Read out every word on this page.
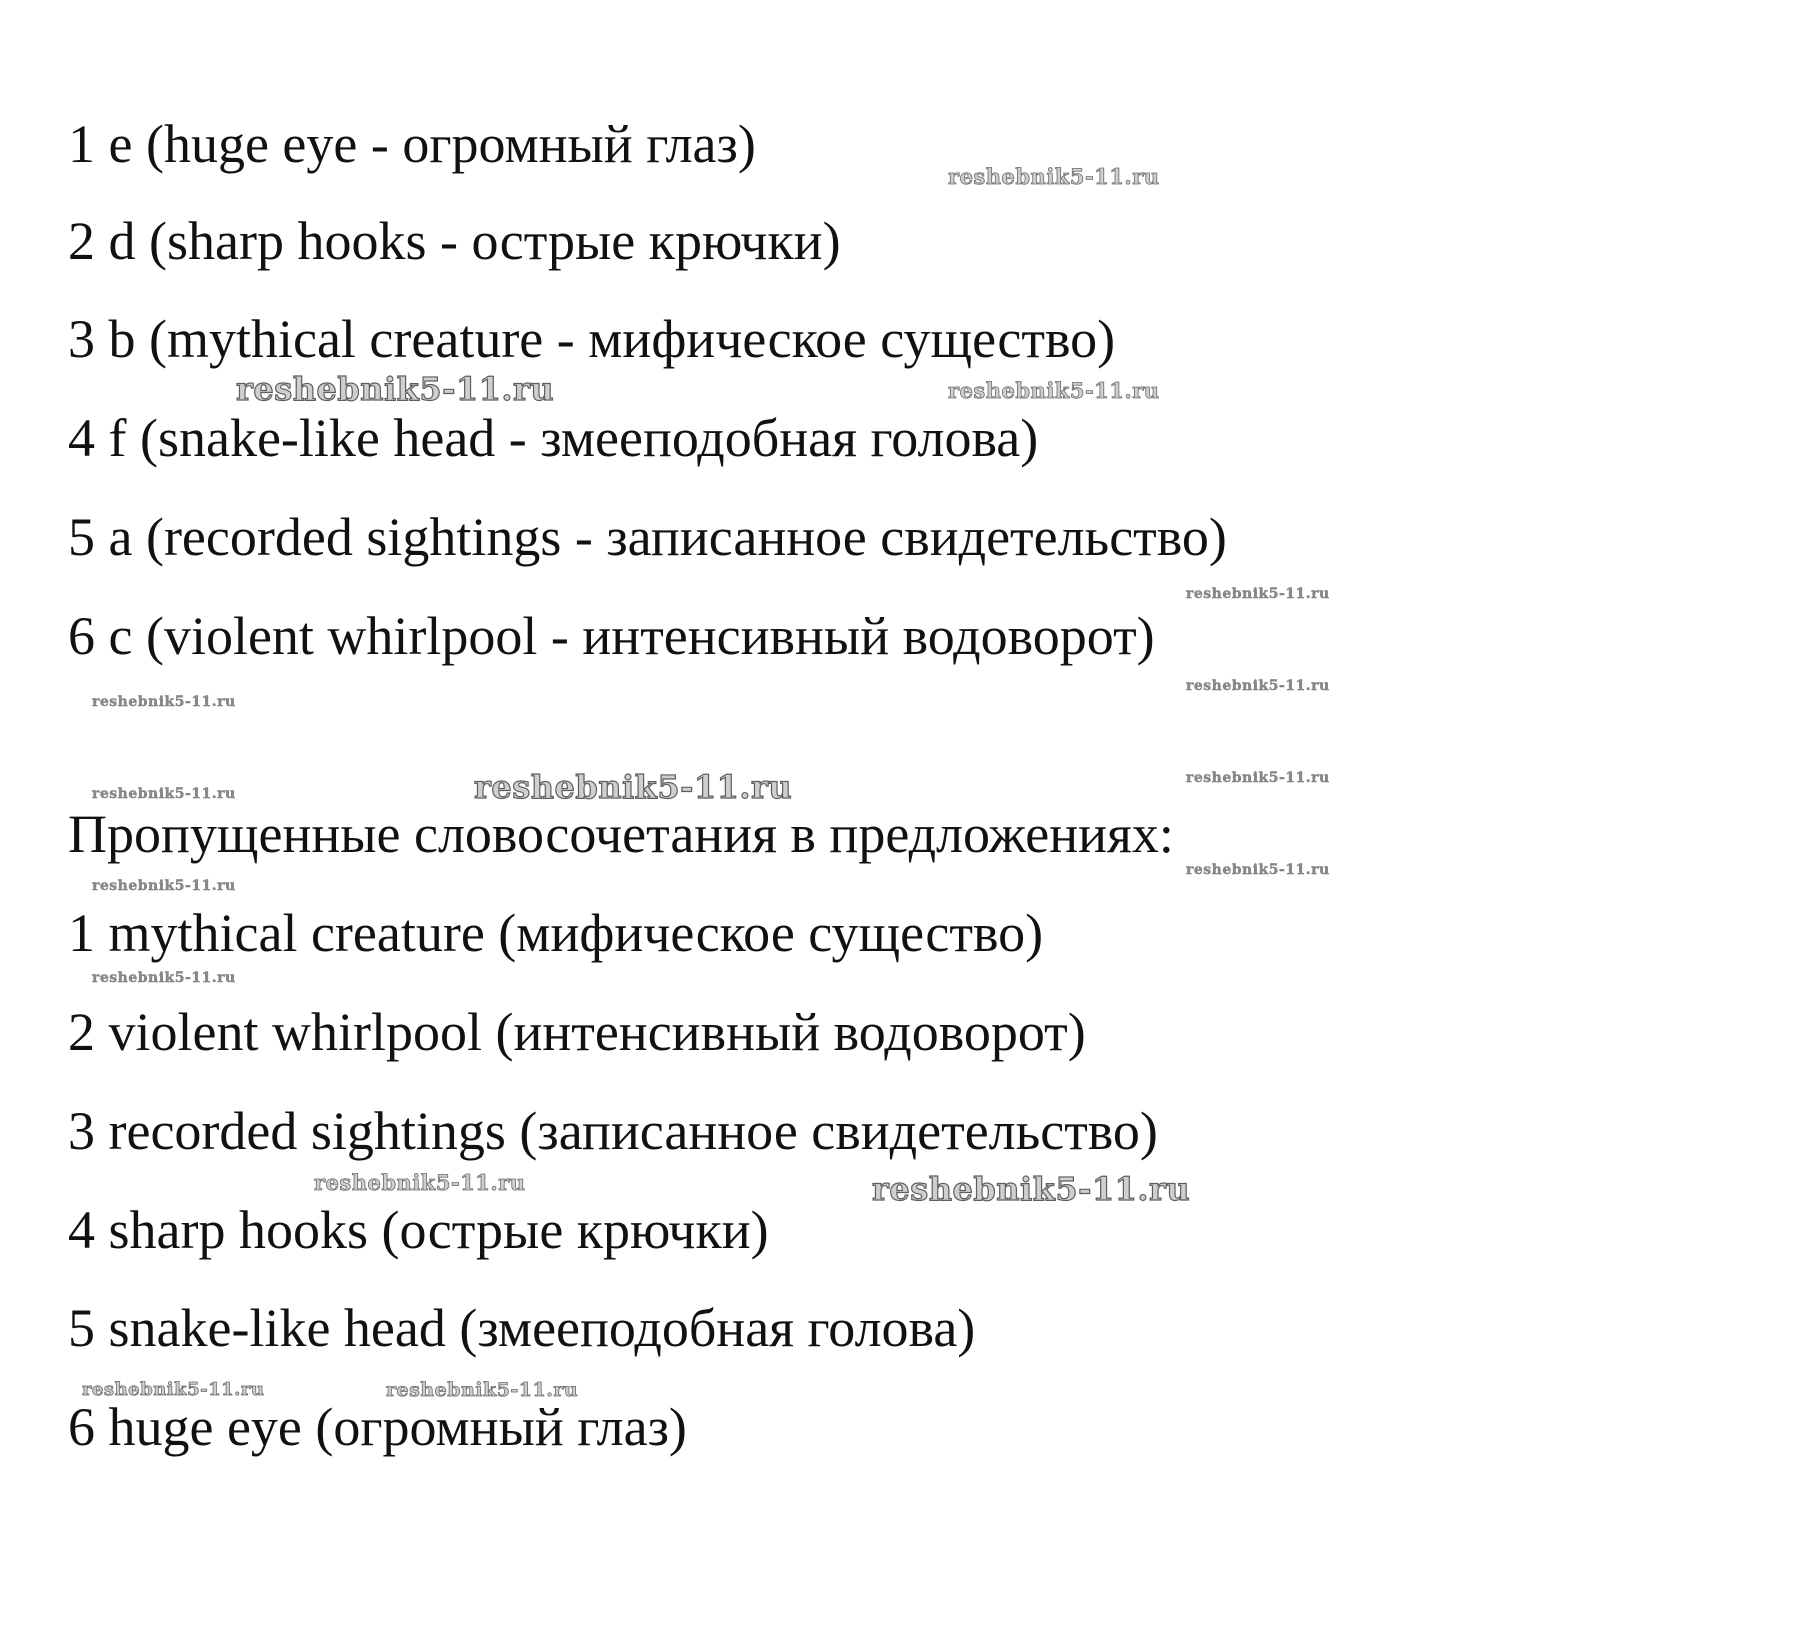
1 e (huge eye - огромный глаз)

2 d (sharp hooks - острые крючки)

3 b (mythical creature - мифическое существо)

4 f (snake-like head - змееподобная голова)

5 a (recorded sightings - записанное свидетельство)

6 c (violent whirlpool - интенсивный водоворот)

Пропущенные словосочетания в предложениях:

1 mythical creature (мифическое существо)

2 violent whirlpool (интенсивный водоворот)

3 recorded sightings (записанное свидетельство)

4 sharp hooks (острые крючки)

5 snake-like head (змееподобная голова)

6 huge eye (огромный глаз)

reshebnik5-11.ru
reshebnik5-11.ru	reshebnik5-11.ru
reshebnik5-11.ru
reshebnik5-11.ru
reshebnik5-11.ru
reshebnik5-11.ru	reshebnik5-11.ru
reshebnik5-11.ru
reshebnik5-11.ru
reshebnik5-11.ru
reshebnik5-11.ru
reshebnik5-11.ru	reshebnik5-11.ru
reshebnik5-11.ru	reshebnik5-11.ru
